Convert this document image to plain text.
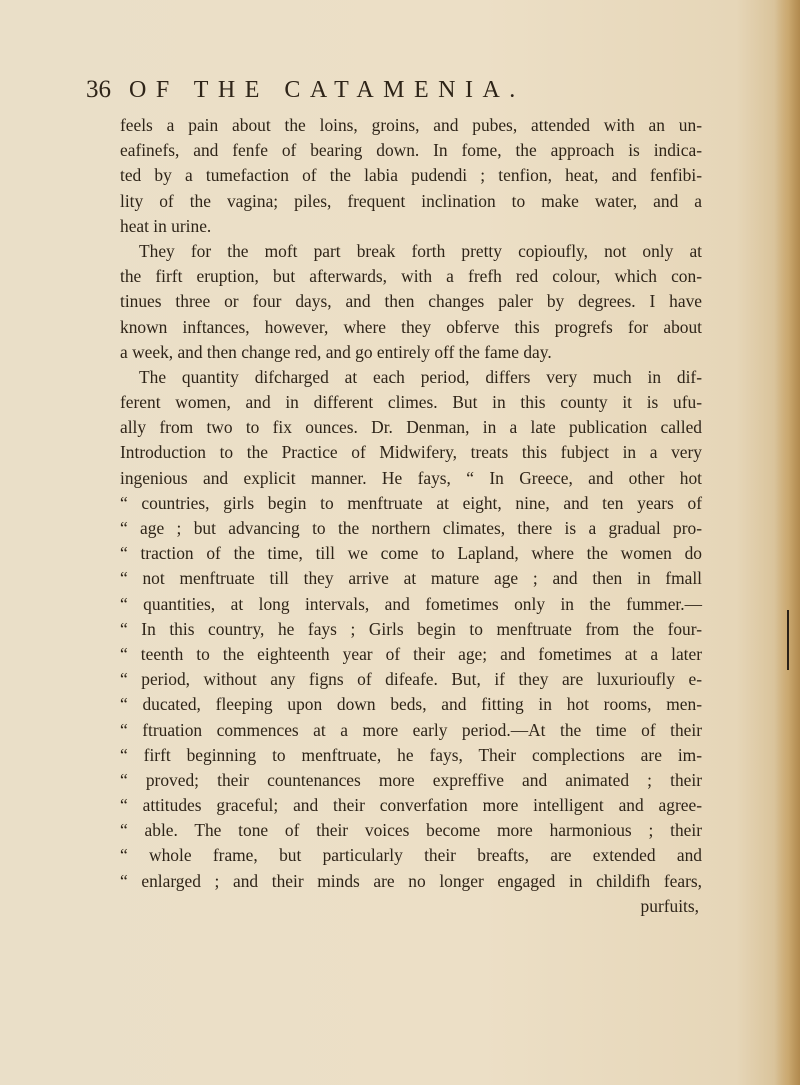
36 OF THE CATAMENIA.
feels a pain about the loins, groins, and pubes, attended with an un-
eafinefs, and fenfe of bearing down. In fome, the approach is indica-
ted by a tumefaction of the labia pudendi ; tenfion, heat, and fenfibi-
lity of the vagina; piles, frequent inclination to make water, and a
heat in urine.
They for the moft part break forth pretty copioufly, not only at
the firft eruption, but afterwards, with a frefh red colour, which con-
tinues three or four days, and then changes paler by degrees. I have
known inftances, however, where they obferve this progrefs for about
a week, and then change red, and go entirely off the fame day.
The quantity difcharged at each period, differs very much in dif-
ferent women, and in different climes. But in this county it is ufu-
ally from two to fix ounces. Dr. Denman, in a late publication called
Introduction to the Practice of Midwifery, treats this fubject in a very
ingenious and explicit manner. He fays, “ In Greece, and other hot
“ countries, girls begin to menftruate at eight, nine, and ten years of
“ age ; but advancing to the northern climates, there is a gradual pro-
“ traction of the time, till we come to Lapland, where the women do
“ not menftruate till they arrive at mature age ; and then in fmall
“ quantities, at long intervals, and fometimes only in the fummer.—
“ In this country, he fays ; Girls begin to menftruate from the four-
“ teenth to the eighteenth year of their age; and fometimes at a later
“ period, without any figns of difeafe. But, if they are luxurioufly e-
“ ducated, fleeping upon down beds, and fitting in hot rooms, men-
“ ftruation commences at a more early period.—At the time of their
“ firft beginning to menftruate, he fays, Their complections are im-
“ proved; their countenances more expreffive and animated ; their
“ attitudes graceful; and their converfation more intelligent and agree-
“ able. The tone of their voices become more harmonious ; their
“ whole frame, but particularly their breafts, are extended and
“ enlarged ; and their minds are no longer engaged in childifh fears,
purfuits,
